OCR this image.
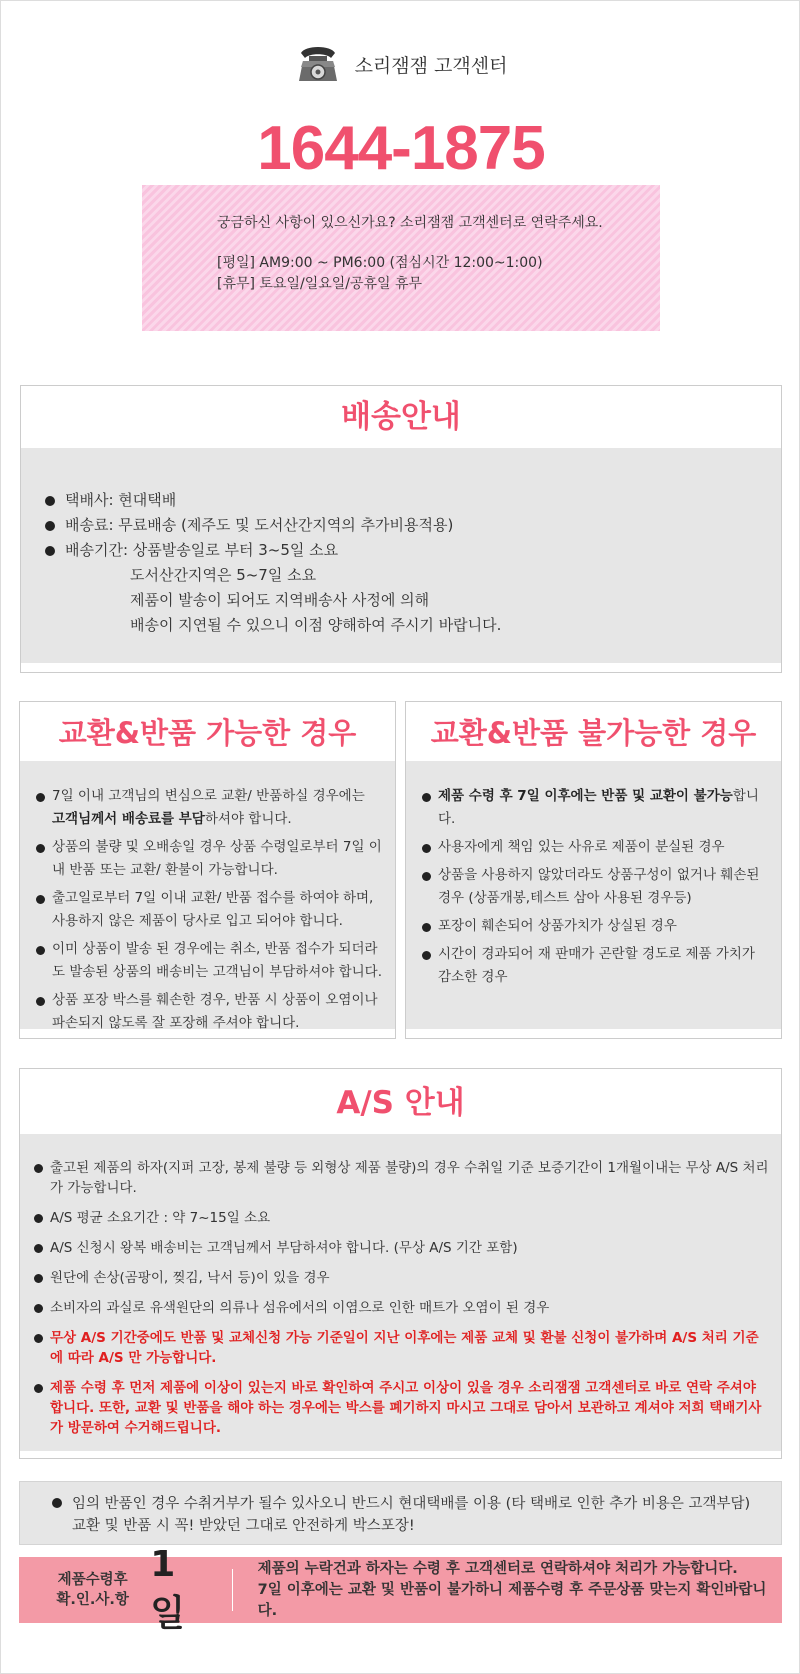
소리잼잼 고객센터
1644-1875
궁금하신 사항이 있으신가요? 소리잼잼 고객센터로 연락주세요.
[평일] AM9:00 ~ PM6:00 (점심시간 12:00~1:00)
[휴무] 토요일/일요일/공휴일 휴무
배송안내
택배사: 현대택배
배송료: 무료배송 (제주도 및 도서산간지역의 추가비용적용)
배송기간: 상품발송일로 부터 3~5일 소요
도서산간지역은 5~7일 소요
제품이 발송이 되어도 지역배송사 사정에 의해
배송이 지연될 수 있으니 이점 양해하여 주시기 바랍니다.
교환&반품 가능한 경우
7일 이내 고객님의 변심으로 교환/ 반품하실 경우에는
고객님께서 배송료를 부담하셔야 합니다.
상품의 불량 및 오배송일 경우 상품 수령일로부터 7일 이내 반품 또는 교환/ 환불이 가능합니다.
출고일로부터 7일 이내 교환/ 반품 접수를 하여야 하며, 사용하지 않은 제품이 당사로 입고 되어야 합니다.
이미 상품이 발송 된 경우에는 취소, 반품 접수가 되더라도 발송된 상품의 배송비는 고객님이 부담하셔야 합니다.
상품 포장 박스를 훼손한 경우, 반품 시 상품이 오염이나 파손되지 않도록 잘 포장해 주셔야 합니다.
교환&반품 불가능한 경우
제품 수령 후 7일 이후에는 반품 및 교환이 불가능합니다.
사용자에게 책임 있는 사유로 제품이 분실된 경우
상품을 사용하지 않았더라도 상품구성이 없거나 훼손된 경우 (상품개봉,테스트 삼아 사용된 경우등)
포장이 훼손되어 상품가치가 상실된 경우
시간이 경과되어 재 판매가 곤란할 경도로 제품 가치가 감소한 경우
A/S 안내
출고된 제품의 하자(지퍼 고장, 봉제 불량 등 외형상 제품 불량)의 경우 수취일 기준 보증기간이 1개월이내는 무상 A/S 처리가 가능합니다.
A/S 평균 소요기간 : 약 7~15일 소요
A/S 신청시 왕복 배송비는 고객님께서 부담하셔야 합니다. (무상 A/S 기간 포함)
원단에 손상(곰팡이, 찢김, 낙서 등)이 있을 경우
소비자의 과실로 유색원단의 의류나 섬유에서의 이염으로 인한 매트가 오염이 된 경우
무상 A/S 기간중에도 반품 및 교체신청 가능 기준일이 지난 이후에는 제품 교체 및 환불 신청이 불가하며 A/S 처리 기준에 따라 A/S 만 가능합니다.
제품 수령 후 먼저 제품에 이상이 있는지 바로 확인하여 주시고 이상이 있을 경우 소리잼잼 고객센터로 바로 연락 주셔야 합니다. 또한, 교환 및 반품을 해야 하는 경우에는 박스를 폐기하지 마시고 그대로 담아서 보관하고 계셔야 저희 택배기사가 방문하여 수거해드립니다.
임의 반품인 경우 수취거부가 될수 있사오니 반드시 현대택배를 이용 (타 택배로 인한 추가 비용은 고객부담)
교환 및 반품 시 꼭! 받았던 그대로 안전하게 박스포장!
제품수령후
확.인.사.항
1일
제품의 누락건과 하자는 수령 후 고객센터로 연락하셔야 처리가 가능합니다.
7일 이후에는 교환 및 반품이 불가하니 제품수령 후 주문상품 맞는지 확인바랍니다.
